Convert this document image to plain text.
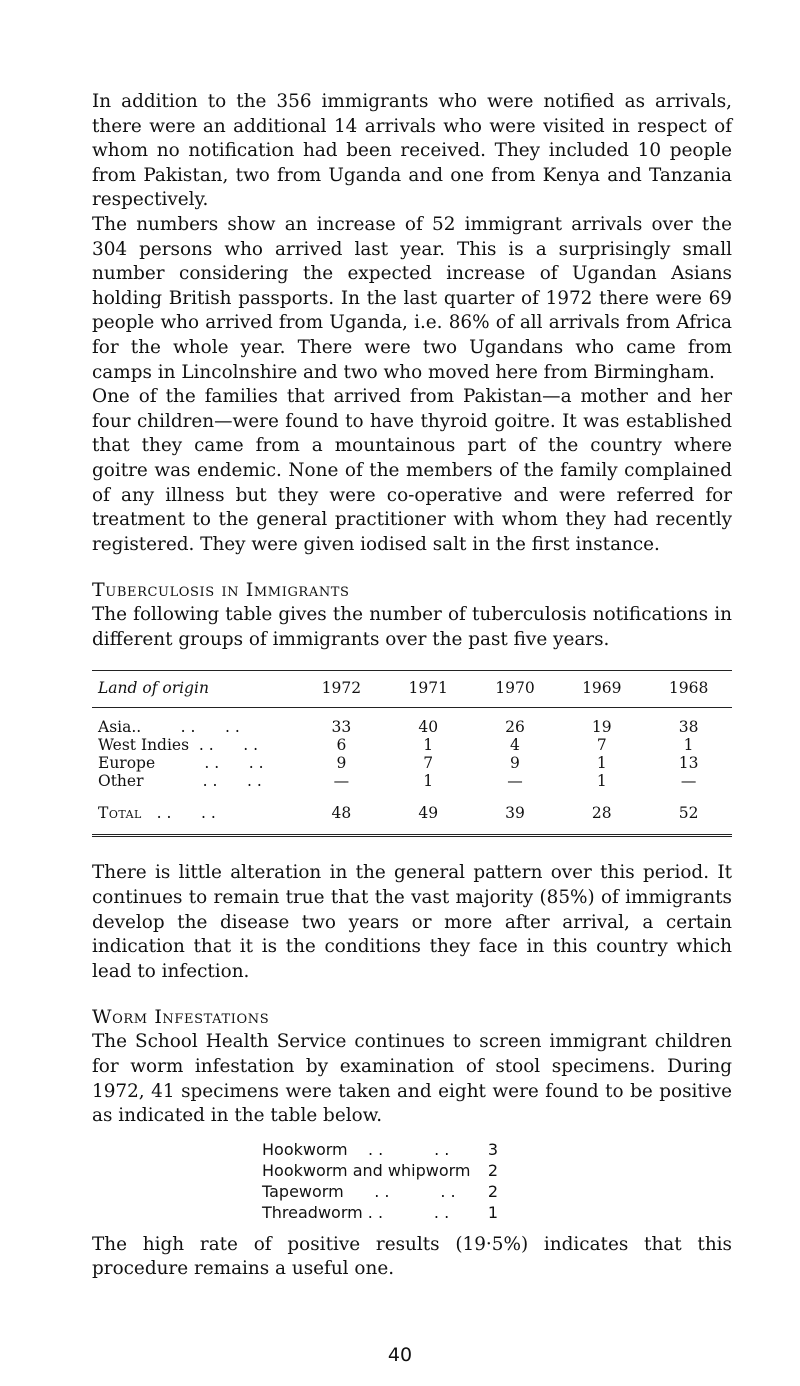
In addition to the 356 immigrants who were notified as arrivals, there were an additional 14 arrivals who were visited in respect of whom no notification had been received. They included 10 people from Pakistan, two from Uganda and one from Kenya and Tanzania respectively.

The numbers show an increase of 52 immigrant arrivals over the 304 persons who arrived last year. This is a surprisingly small number considering the expected increase of Ugandan Asians holding British passports. In the last quarter of 1972 there were 69 people who arrived from Uganda, i.e. 86% of all arrivals from Africa for the whole year. There were two Ugandans who came from camps in Lincolnshire and two who moved here from Birmingham.

One of the families that arrived from Pakistan—a mother and her four children—were found to have thyroid goitre. It was established that they came from a mountainous part of the country where goitre was endemic. None of the members of the family complained of any illness but they were co-operative and were referred for treatment to the general practitioner with whom they had recently registered. They were given iodised salt in the first instance.

Tuberculosis in Immigrants

The following table gives the number of tuberculosis notifications in different groups of immigrants over the past five years.

Land of origin	1972	1971	1970	1969	1968
Asia..        . .      . .	33	40	26	19	38
West Indies  . .      . .	6	1	4	7	1
Europe          . .      . .	9	7	9	1	13
Other            . .      . .	—	1	—	1	—

Total   . .      . .	48	49	39	28	52

There is little alteration in the general pattern over this period. It continues to remain true that the vast majority (85%) of immigrants develop the disease two years or more after arrival, a certain indication that it is the conditions they face in this country which lead to infection.

Worm Infestations

The School Health Service continues to screen immigrant children for worm infestation by examination of stool specimens. During 1972, 41 specimens were taken and eight were found to be positive as indicated in the table below.

Hookworm    . .          . .	3
Hookworm and whipworm	2
Tapeworm      . .          . .	2
Threadworm . .          . .	1

The high rate of positive results (19·5%) indicates that this procedure remains a useful one.

40
